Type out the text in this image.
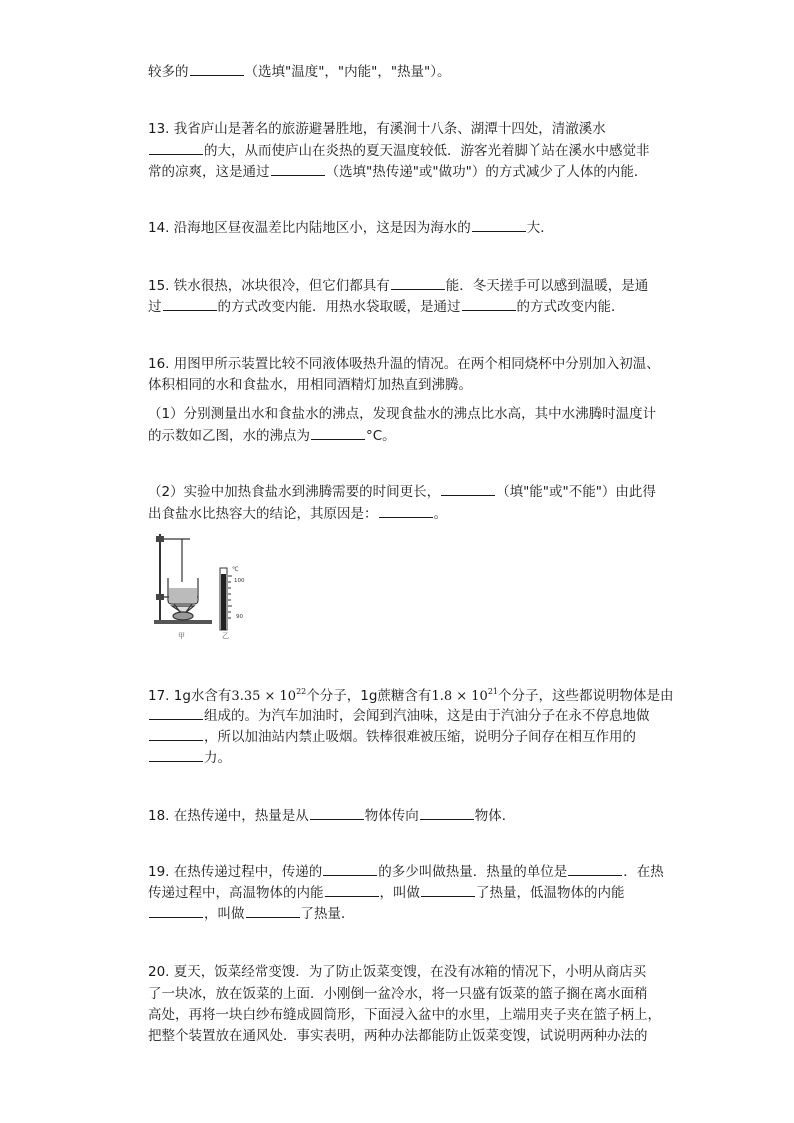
较多的	（选填"温度"，"内能"，"热量"）。
13. 我省庐山是著名的旅游避暑胜地，有溪涧十八条、湖潭十四处，清澈溪水
的大，从而使庐山在炎热的夏天温度较低．游客光着脚丫站在溪水中感觉非
常的凉爽，这是通过	（选填"热传递"或"做功"）的方式减少了人体的内能．
14. 沿海地区昼夜温差比内陆地区小，这是因为海水的	大．
15. 铁水很热，冰块很冷，但它们都具有	能．冬天搓手可以感到温暖，是通
过	的方式改变内能．用热水袋取暖，是通过	的方式改变内能．
16. 用图甲所示装置比较不同液体吸热升温的情况。在两个相同烧杯中分别加入初温、
体积相同的水和食盐水，用相同酒精灯加热直到沸腾。
（1）分别测量出水和食盐水的沸点，发现食盐水的沸点比水高，其中水沸腾时温度计
的示数如乙图，水的沸点为	°C。
（2）实验中加热食盐水到沸腾需要的时间更长，	（填"能"或"不能"）由此得
出食盐水比热容大的结论，其原因是：	。
甲
℃
100
90
乙
17. 1g水含有$3.35 \times 10^{22}$个分子，1g蔗糖含有$1.8 \times 10^{21}$个分子，这些都说明物体是由
组成的。为汽车加油时，会闻到汽油味，这是由于汽油分子在永不停息地做
，所以加油站内禁止吸烟。铁棒很难被压缩，说明分子间存在相互作用的
力。
18. 在热传递中，热量是从	物体传向	物体．
19. 在热传递过程中，传递的	的多少叫做热量．热量的单位是	．在热
传递过程中，高温物体的内能	，叫做	了热量，低温物体的内能
，叫做	了热量．
20. 夏天，饭菜经常变馊．为了防止饭菜变馊，在没有冰箱的情况下，小明从商店买
了一块冰，放在饭菜的上面．小刚倒一盆冷水，将一只盛有饭菜的篮子搁在离水面稍
高处，再将一块白纱布缝成圆筒形，下面浸入盆中的水里，上端用夹子夹在篮子柄上，
把整个装置放在通风处．事实表明，两种办法都能防止饭菜变馊，试说明两种办法的
